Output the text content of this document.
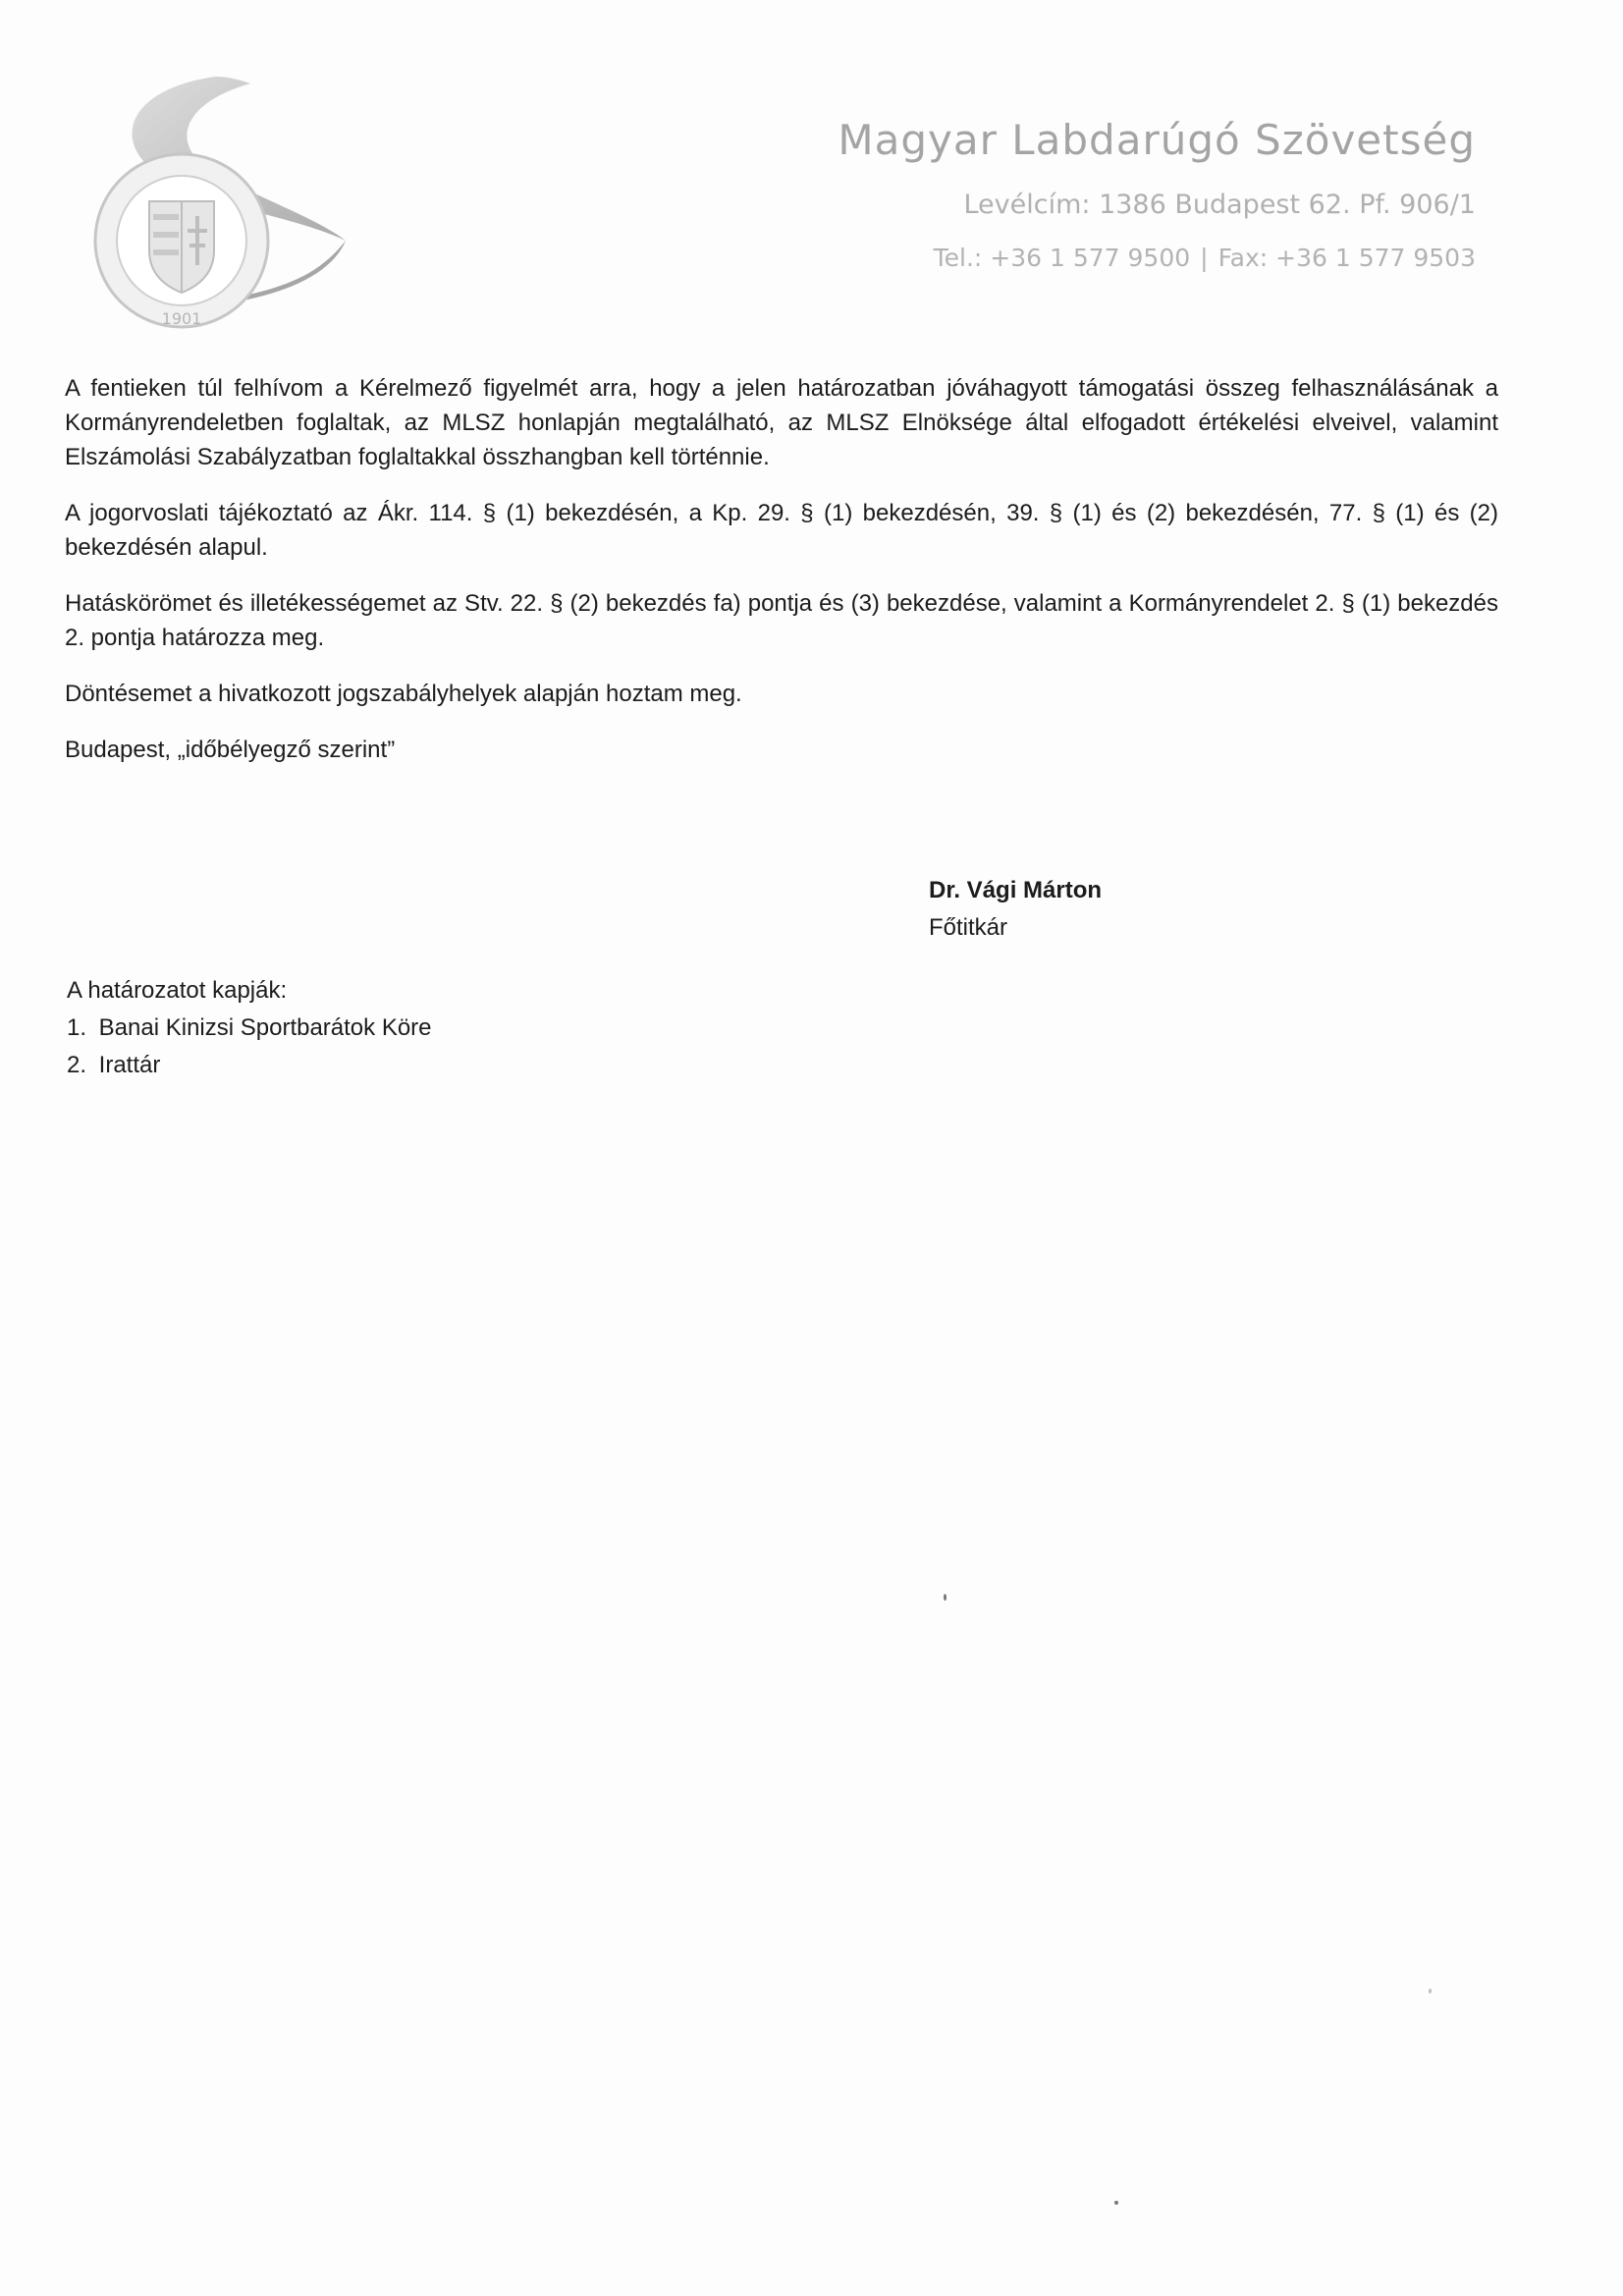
1901
Magyar Labdarúgó Szövetség
Levélcím: 1386 Budapest 62. Pf. 906/1
Tel.: +36 1 577 9500 | Fax: +36 1 577 9503

A fentieken túl felhívom a Kérelmező figyelmét arra, hogy a jelen határozatban jóváhagyott támogatási összeg felhasználásának a Kormányrendeletben foglaltak, az MLSZ honlapján megtalálható, az MLSZ Elnöksége által elfogadott értékelési elveivel, valamint Elszámolási Szabályzatban foglaltakkal összhangban kell történnie.

A jogorvoslati tájékoztató az Ákr. 114. § (1) bekezdésén, a Kp. 29. § (1) bekezdésén, 39. § (1) és (2) bekezdésén, 77. § (1) és (2) bekezdésén alapul.

Hatáskörömet és illetékességemet az Stv. 22. § (2) bekezdés fa) pontja és (3) bekezdése, valamint a Kormányrendelet 2. § (1) bekezdés 2. pontja határozza meg.

Döntésemet a hivatkozott jogszabályhelyek alapján hoztam meg.

Budapest, „időbélyegző szerint”

Dr. Vági Márton
Főtitkár
A határozatot kapják:
1. Banai Kinizsi Sportbarátok Köre
2. Irattár
